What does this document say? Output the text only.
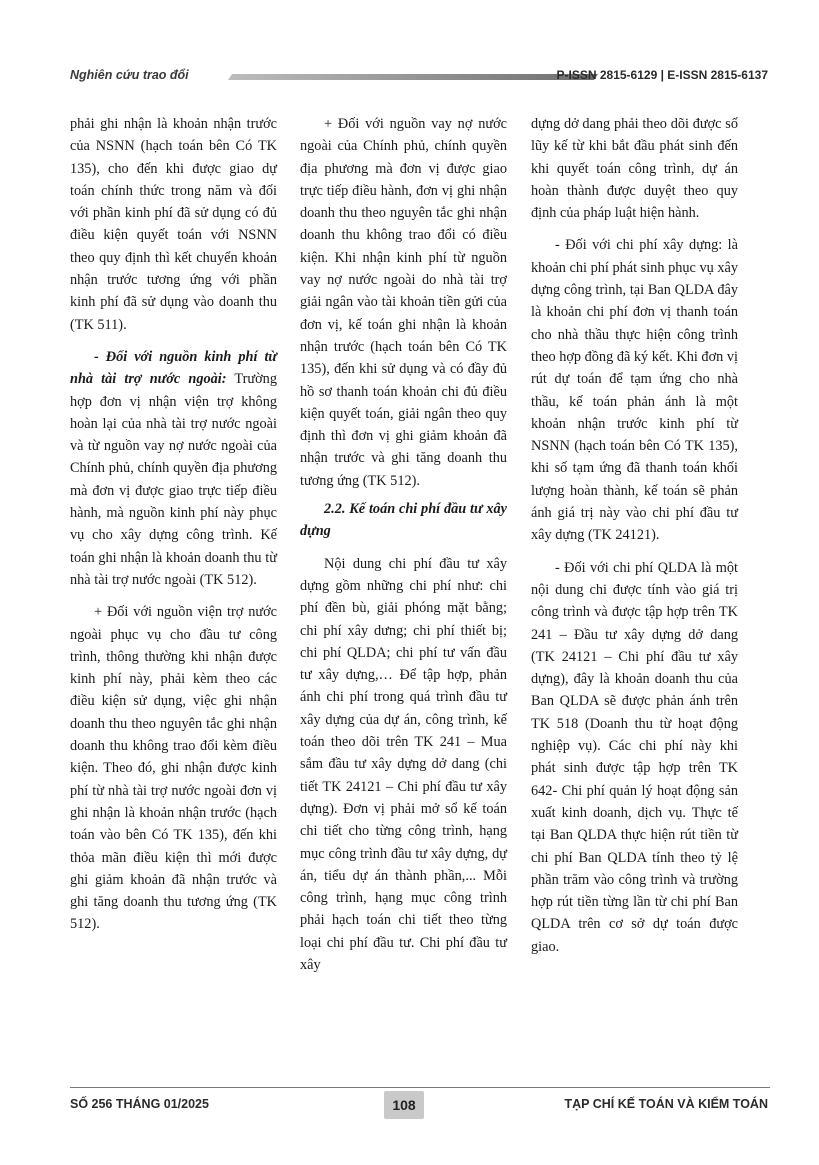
Nghiên cứu trao đổi	P-ISSN 2815-6129 | E-ISSN 2815-6137

phải ghi nhận là khoản nhận trước của NSNN (hạch toán bên Có TK 135), cho đến khi được giao dự toán chính thức trong năm và đối với phần kinh phí đã sử dụng có đủ điều kiện quyết toán với NSNN theo quy định thì kết chuyển khoản nhận trước tương ứng với phần kinh phí đã sử dụng vào doanh thu (TK 511).

- Đối với nguồn kinh phí từ nhà tài trợ nước ngoài: Trường hợp đơn vị nhận viện trợ không hoàn lại của nhà tài trợ nước ngoài và từ nguồn vay nợ nước ngoài của Chính phủ, chính quyền địa phương mà đơn vị được giao trực tiếp điều hành, mà nguồn kinh phí này phục vụ cho xây dựng công trình. Kế toán ghi nhận là khoản doanh thu từ nhà tài trợ nước ngoài (TK 512).

+ Đối với nguồn viện trợ nước ngoài phục vụ cho đầu tư công trình, thông thường khi nhận được kinh phí này, phải kèm theo các điều kiện sử dụng, việc ghi nhận doanh thu theo nguyên tắc ghi nhận doanh thu không trao đổi kèm điều kiện. Theo đó, ghi nhận được kinh phí từ nhà tài trợ nước ngoài đơn vị ghi nhận là khoản nhận trước (hạch toán vào bên Có TK 135), đến khi thỏa mãn điều kiện thì mới được ghi giảm khoản đã nhận trước và ghi tăng doanh thu tương ứng (TK 512).

+ Đối với nguồn vay nợ nước ngoài của Chính phủ, chính quyền địa phương mà đơn vị được giao trực tiếp điều hành, đơn vị ghi nhận doanh thu theo nguyên tắc ghi nhận doanh thu không trao đổi có điều kiện. Khi nhận kinh phí từ nguồn vay nợ nước ngoài do nhà tài trợ giải ngân vào tài khoản tiền gửi của đơn vị, kế toán ghi nhận là khoản nhận trước (hạch toán bên Có TK 135), đến khi sử dụng và có đầy đủ hồ sơ thanh toán khoản chi đủ điều kiện quyết toán, giải ngân theo quy định thì đơn vị ghi giảm khoản đã nhận trước và ghi tăng doanh thu tương ứng (TK 512).

2.2. Kế toán chi phí đầu tư xây dựng

Nội dung chi phí đầu tư xây dựng gồm những chi phí như: chi phí đền bù, giải phóng mặt bằng; chi phí xây dưng; chi phí thiết bị; chi phí QLDA; chi phí tư vấn đầu tư xây dựng,… Để tập hợp, phản ánh chi phí trong quá trình đầu tư xây dựng của dự án, công trình, kế toán theo dõi trên TK 241 – Mua sắm đầu tư xây dựng dở dang (chi tiết TK 24121 – Chi phí đầu tư xây dựng). Đơn vị phải mở sổ kế toán chi tiết cho từng công trình, hạng mục công trình đầu tư xây dựng, dự án, tiểu dự án thành phần,... Mỗi công trình, hạng mục công trình phải hạch toán chi tiết theo từng loại chi phí đầu tư. Chi phí đầu tư xây

dựng dở dang phải theo dõi được số lũy kế từ khi bắt đầu phát sinh đến khi quyết toán công trình, dự án hoàn thành được duyệt theo quy định của pháp luật hiện hành.

- Đối với chi phí xây dựng: là khoản chi phí phát sinh phục vụ xây dựng công trình, tại Ban QLDA đây là khoản chi phí đơn vị thanh toán cho nhà thầu thực hiện công trình theo hợp đồng đã ký kết. Khi đơn vị rút dự toán để tạm ứng cho nhà thầu, kế toán phản ánh là một khoản nhận trước kinh phí từ NSNN (hạch toán bên Có TK 135), khi số tạm ứng đã thanh toán khối lượng hoàn thành, kế toán sẽ phản ánh giá trị này vào chi phí đầu tư xây dựng (TK 24121).

- Đối với chi phí QLDA là một nội dung chi được tính vào giá trị công trình và được tập hợp trên TK 241 – Đầu tư xây dựng dở dang (TK 24121 – Chi phí đầu tư xây dựng), đây là khoản doanh thu của Ban QLDA sẽ được phản ánh trên TK 518 (Doanh thu từ hoạt động nghiệp vụ). Các chi phí này khi phát sinh được tập hợp trên TK 642- Chi phí quản lý hoạt động sản xuất kinh doanh, dịch vụ. Thực tế tại Ban QLDA thực hiện rút tiền từ chi phí Ban QLDA tính theo tỷ lệ phần trăm vào công trình và trường hợp rút tiền từng lần từ chi phí Ban QLDA trên cơ sở dự toán được giao.

SỐ 256 THÁNG 01/2025	108	TẠP CHÍ KẾ TOÁN VÀ KIỂM TOÁN
